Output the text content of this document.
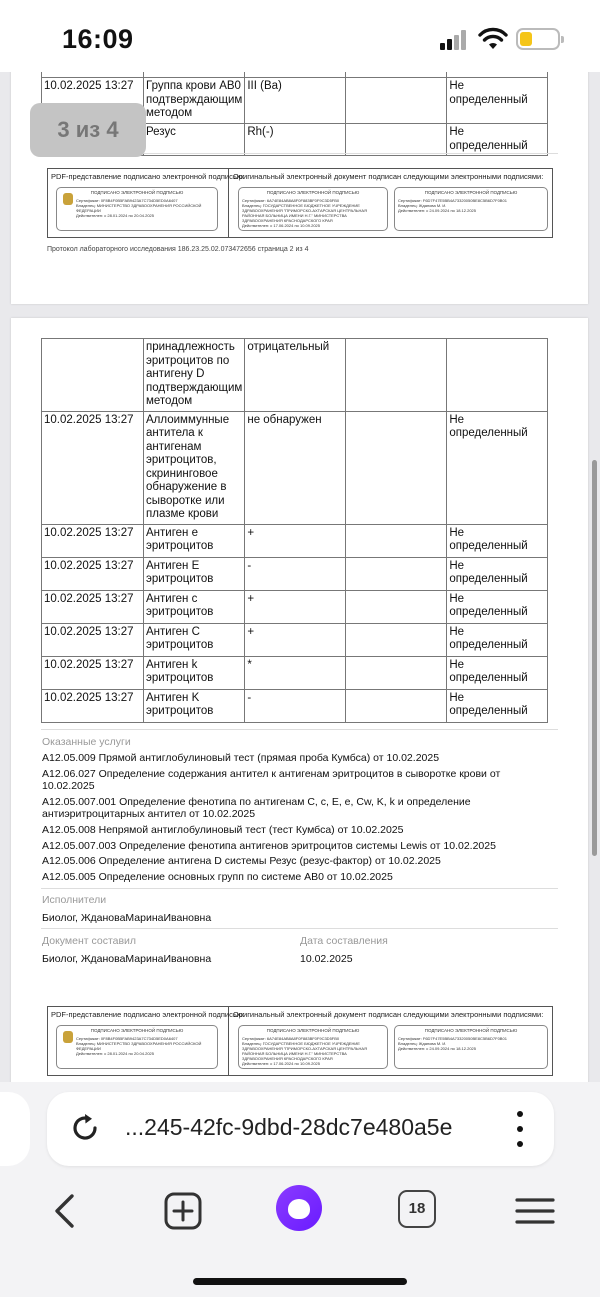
16:09

10.02.2025 13:27	Группа крови АВ0 подтверждающим методом	III (Ba)		Не определенный
	Резус	Rh(-)		Не определенный
PDF-представление подписано электронной подписью:
ПОДПИСАНО ЭЛЕКТРОННОЙ ПОДПИСЬЮ
Сертификат: 0F8B4F0B5FAB9423A7C734D5ED0A6407
Владелец: МИНИСТЕРСТВО ЗДРАВООХРАНЕНИЯ РОССИЙСКОЙ ФЕДЕРАЦИИ
Действителен: с 28.01.2024 по 20.04.2025
Оригинальный электронный документ подписан следующими электронными подписями:
ПОДПИСАНО ЭЛЕКТРОННОЙ ПОДПИСЬЮ
Сертификат: 6A74E84AB8A8F0F883BF0F9C3D5FB0
Владелец: ГОСУДАРСТВЕННОЕ БЮДЖЕТНОЕ УЧРЕЖДЕНИЕ ЗДРАВООХРАНЕНИЯ "ПРИМОРСКО-АХТАРСКАЯ ЦЕНТРАЛЬНАЯ РАЙОННАЯ БОЛЬНИЦА ИМЕНИ Н.Г." МИНИСТЕРСТВА ЗДРАВООХРАНЕНИЯ КРАСНОДАРСКОГО КРАЯ
Действителен: с 17.06.2024 по 10.09.2025
ПОДПИСАНО ЭЛЕКТРОННОЙ ПОДПИСЬЮ
Сертификат: F6D7F47E5BB4A73320050BE8C5B6D7F0B01
Владелец: Жданова М. И.
Действителен: с 24.09.2024 по 18.12.2025
Протокол лабораторного исследования 186.23.25.02.073472656 страница 2 из 4
	принадлежность эритроцитов по антигену D подтверждающим методом	отрицательный		
10.02.2025 13:27	Аллоиммунные антитела к антигенам эритроцитов, скрининговое обнаружение в сыворотке или плазме крови	не обнаружен		Не определенный
10.02.2025 13:27	Антиген e эритроцитов	+		Не определенный
10.02.2025 13:27	Антиген E эритроцитов	-		Не определенный
10.02.2025 13:27	Антиген c эритроцитов	+		Не определенный
10.02.2025 13:27	Антиген C эритроцитов	+		Не определенный
10.02.2025 13:27	Антиген k эритроцитов	*		Не определенный
10.02.2025 13:27	Антиген K эритроцитов	-		Не определенный
Оказанные услуги
A12.05.009 Прямой антиглобулиновый тест (прямая проба Кумбса) от 10.02.2025
A12.06.027 Определение содержания антител к антигенам эритроцитов в сыворотке крови от 10.02.2025
A12.05.007.001 Определение фенотипа по антигенам C, c, E, e, Cw, K, k и определение антиэритроцитарных антител от 10.02.2025
A12.05.008 Непрямой антиглобулиновый тест (тест Кумбса) от 10.02.2025
A12.05.007.003 Определение фенотипа антигенов эритроцитов системы Lewis от 10.02.2025
A12.05.006 Определение антигена D системы Резус (резус-фактор) от 10.02.2025
A12.05.005 Определение основных групп по системе АВ0 от 10.02.2025
Исполнители
Биолог, ЖдановаМаринаИвановна
Документ составил
Биолог, ЖдановаМаринаИвановна
Дата составления
10.02.2025
PDF-представление подписано электронной подписью:
ПОДПИСАНО ЭЛЕКТРОННОЙ ПОДПИСЬЮ
Сертификат: 0F8B4F0B5FAB9423A7C734D5ED0A6407
Владелец: МИНИСТЕРСТВО ЗДРАВООХРАНЕНИЯ РОССИЙСКОЙ ФЕДЕРАЦИИ
Действителен: с 28.01.2024 по 20.04.2025
Оригинальный электронный документ подписан следующими электронными подписями:
ПОДПИСАНО ЭЛЕКТРОННОЙ ПОДПИСЬЮ
Сертификат: 6A74E84AB8A8F0F883BF0F9C3D5FB0
Владелец: ГОСУДАРСТВЕННОЕ БЮДЖЕТНОЕ УЧРЕЖДЕНИЕ ЗДРАВООХРАНЕНИЯ "ПРИМОРСКО-АХТАРСКАЯ ЦЕНТРАЛЬНАЯ РАЙОННАЯ БОЛЬНИЦА ИМЕНИ Н.Г." МИНИСТЕРСТВА ЗДРАВООХРАНЕНИЯ КРАСНОДАРСКОГО КРАЯ
Действителен: с 17.06.2024 по 10.09.2025
ПОДПИСАНО ЭЛЕКТРОННОЙ ПОДПИСЬЮ
Сертификат: F6D7F47E5BB4A73320050BE8C5B6D7F0B01
Владелец: Жданова М. И.
Действителен: с 24.09.2024 по 18.12.2025
3 из 4
...245-42fc-9dbd-28dc7e480a5e
18
